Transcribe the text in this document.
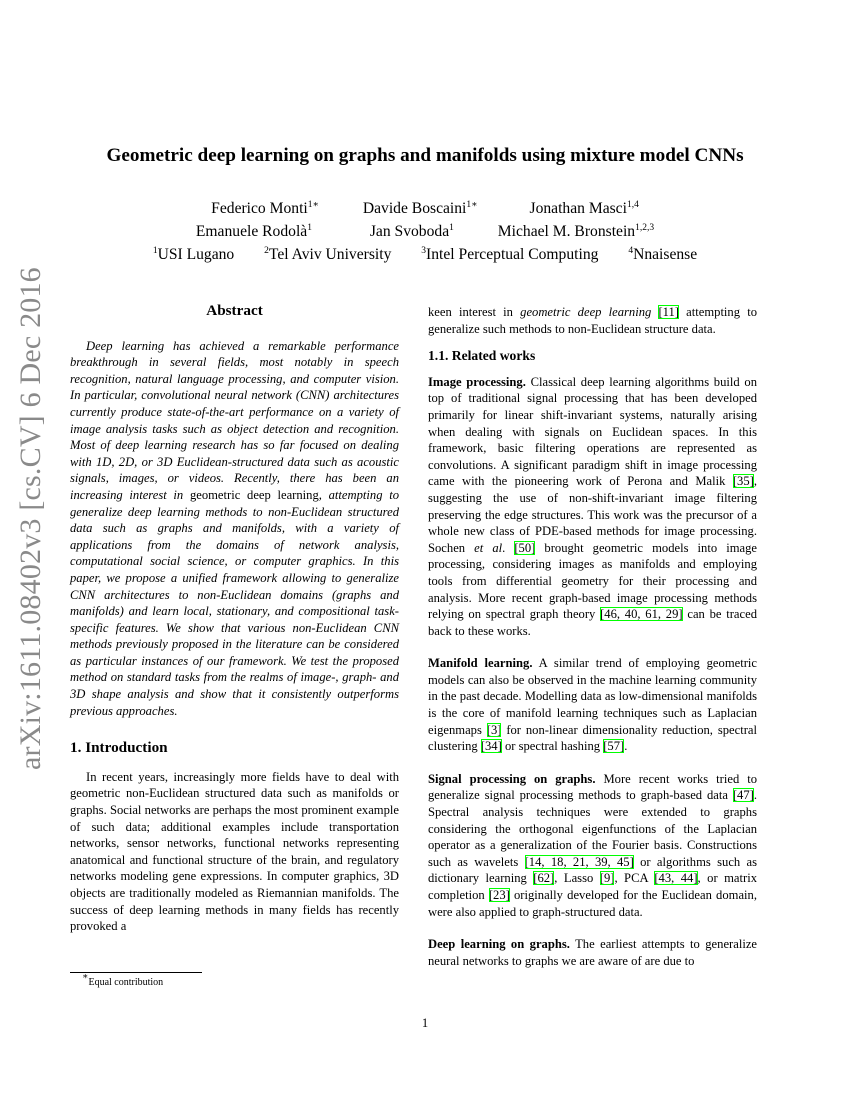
arXiv:1611.08402v3 [cs.CV] 6 Dec 2016
Geometric deep learning on graphs and manifolds using mixture model CNNs
Federico Monti$^{1∗}$	Davide Boscaini$^{1∗}$	Jonathan Masci$^{1,4}$
Emanuele Rodolà$^1$	Jan Svoboda$^1$	Michael M. Bronstein$^{1,2,3}$
$^1$USI Lugano	$^2$Tel Aviv University	$^3$Intel Perceptual Computing	$^4$Nnaisense
Abstract

Deep learning has achieved a remarkable performance breakthrough in several fields, most notably in speech recognition, natural language processing, and computer vision. In particular, convolutional neural network (CNN) architectures currently produce state-of-the-art performance on a variety of image analysis tasks such as object detection and recognition. Most of deep learning research has so far focused on dealing with 1D, 2D, or 3D Euclidean-structured data such as acoustic signals, images, or videos. Recently, there has been an increasing interest in geometric deep learning, attempting to generalize deep learning methods to non-Euclidean structured data such as graphs and manifolds, with a variety of applications from the domains of network analysis, computational social science, or computer graphics. In this paper, we propose a unified framework allowing to generalize CNN architectures to non-Euclidean domains (graphs and manifolds) and learn local, stationary, and compositional task-specific features. We show that various non-Euclidean CNN methods previously proposed in the literature can be considered as particular instances of our framework. We test the proposed method on standard tasks from the realms of image-, graph- and 3D shape analysis and show that it consistently outperforms previous approaches.

1. Introduction

In recent years, increasingly more fields have to deal with geometric non-Euclidean structured data such as manifolds or graphs. Social networks are perhaps the most prominent example of such data; additional examples include transportation networks, sensor networks, functional networks representing anatomical and functional structure of the brain, and regulatory networks modeling gene expressions. In computer graphics, 3D objects are traditionally modeled as Riemannian manifolds. The success of deep learning methods in many fields has recently provoked a

keen interest in geometric deep learning [11] attempting to generalize such methods to non-Euclidean structure data.

1.1. Related works

Image processing. Classical deep learning algorithms build on top of traditional signal processing that has been developed primarily for linear shift-invariant systems, naturally arising when dealing with signals on Euclidean spaces. In this framework, basic filtering operations are represented as convolutions. A significant paradigm shift in image processing came with the pioneering work of Perona and Malik [35], suggesting the use of non-shift-invariant image filtering preserving the edge structures. This work was the precursor of a whole new class of PDE-based methods for image processing. Sochen et al. [50] brought geometric models into image processing, considering images as manifolds and employing tools from differential geometry for their processing and analysis. More recent graph-based image processing methods relying on spectral graph theory [46, 40, 61, 29] can be traced back to these works.

Manifold learning. A similar trend of employing geometric models can also be observed in the machine learning community in the past decade. Modelling data as low-dimensional manifolds is the core of manifold learning techniques such as Laplacian eigenmaps [3] for non-linear dimensionality reduction, spectral clustering [34] or spectral hashing [57].

Signal processing on graphs. More recent works tried to generalize signal processing methods to graph-based data [47]. Spectral analysis techniques were extended to graphs considering the orthogonal eigenfunctions of the Laplacian operator as a generalization of the Fourier basis. Constructions such as wavelets [14, 18, 21, 39, 45] or algorithms such as dictionary learning [62], Lasso [9], PCA [43, 44], or matrix completion [23] originally developed for the Euclidean domain, were also applied to graph-structured data.

Deep learning on graphs. The earliest attempts to generalize neural networks to graphs we are aware of are due to

∗Equal contribution
1
